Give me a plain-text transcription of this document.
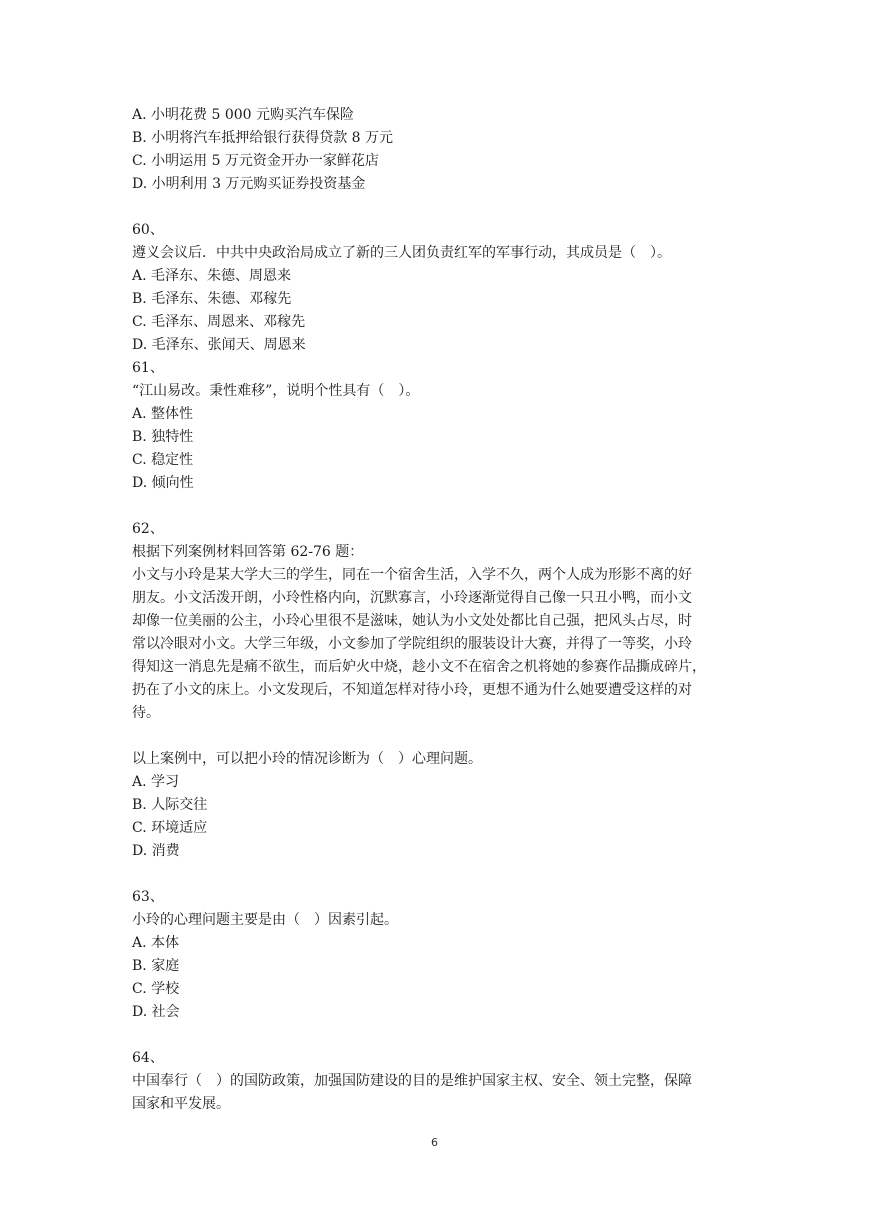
A. 小明花费 5 000 元购买汽车保险
B. 小明将汽车抵押给银行获得贷款 8 万元
C. 小明运用 5 万元资金开办一家鲜花店
D. 小明利用 3 万元购买证券投资基金
60、
遵义会议后．中共中央政治局成立了新的三人团负责红军的军事行动，其成员是（　）。
A. 毛泽东、朱德、周恩来
B. 毛泽东、朱德、邓稼先
C. 毛泽东、周恩来、邓稼先
D. 毛泽东、张闻天、周恩来
61、
“江山易改。秉性难移”，说明个性具有（　）。
A. 整体性
B. 独特性
C. 稳定性
D. 倾向性
62、
根据下列案例材料回答第 62-76 题：
小文与小玲是某大学大三的学生，同在一个宿舍生活，入学不久，两个人成为形影不离的好
朋友。小文活泼开朗，小玲性格内向，沉默寡言，小玲逐渐觉得自己像一只丑小鸭，而小文
却像一位美丽的公主，小玲心里很不是滋味，她认为小文处处都比自己强，把风头占尽，时
常以冷眼对小文。大学三年级，小文参加了学院组织的服装设计大赛，并得了一等奖，小玲
得知这一消息先是痛不欲生，而后妒火中烧，趁小文不在宿舍之机将她的参赛作品撕成碎片，
扔在了小文的床上。小文发现后，不知道怎样对待小玲，更想不通为什么她要遭受这样的对
待。
以上案例中，可以把小玲的情况诊断为（　）心理问题。
A. 学习
B. 人际交往
C. 环境适应
D. 消费
63、
小玲的心理问题主要是由（　）因素引起。
A. 本体
B. 家庭
C. 学校
D. 社会
64、
中国奉行（　）的国防政策，加强国防建设的目的是维护国家主权、安全、领土完整，保障
国家和平发展。
6
